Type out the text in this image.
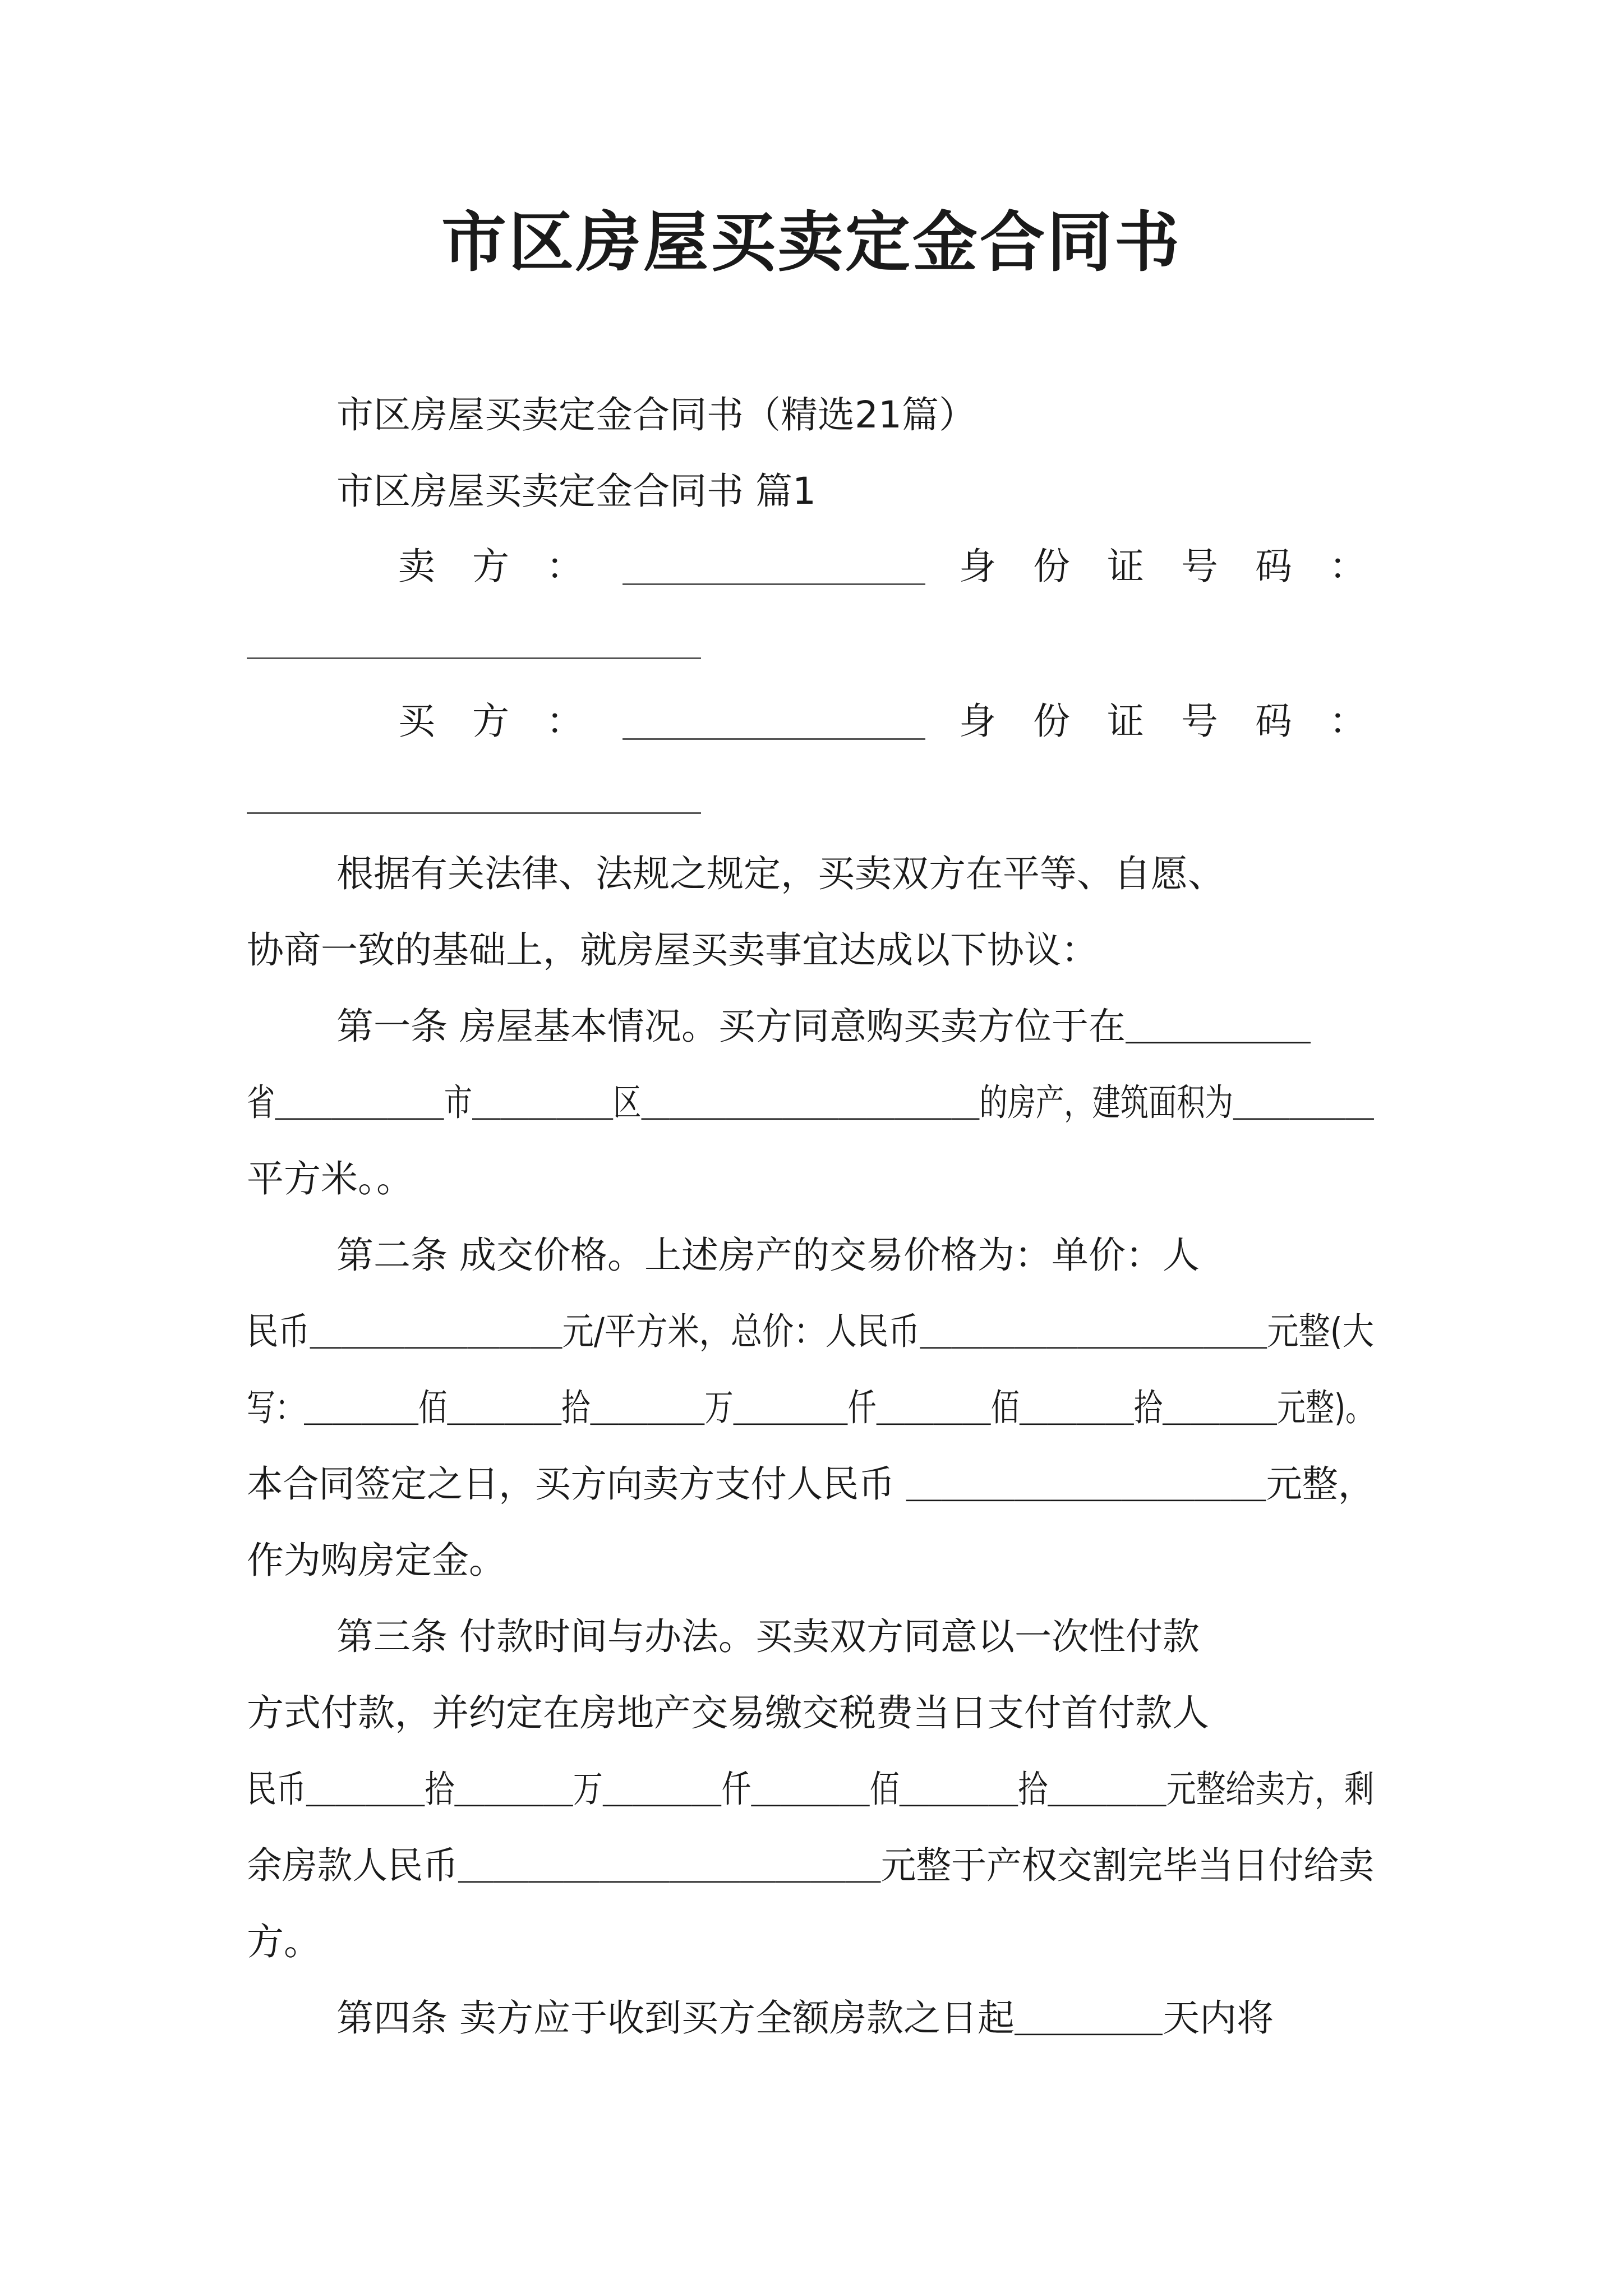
市区房屋买卖定金合同书
市区房屋买卖定金合同书（精选21篇）
市区房屋买卖定金合同书 篇1
卖　方　：	身　份　证　号　码　：
买　方　：	身　份　证　号　码　：
根据有关法律、法规之规定，买卖双方在平等、自愿、
协商一致的基础上，就房屋买卖事宜达成以下协议：
第一条 房屋基本情况。买方同意购买卖方位于在＿＿＿＿＿
省＿＿＿＿＿＿市＿＿＿＿＿区＿＿＿＿＿＿＿＿＿＿＿＿的房产，建筑面积为＿＿＿＿＿
平方米。。
第二条 成交价格。上述房产的交易价格为：单价：人
民币＿＿＿＿＿＿＿＿元/平方米，总价：人民币＿＿＿＿＿＿＿＿＿＿＿元整(大
写：＿＿＿＿佰＿＿＿＿拾＿＿＿＿万＿＿＿＿仟＿＿＿＿佰＿＿＿＿拾＿＿＿＿元整)。
本合同签定之日，买方向卖方支付人民币 ＿＿＿＿＿＿＿＿＿＿元整，
作为购房定金。
第三条 付款时间与办法。买卖双方同意以一次性付款
方式付款，并约定在房地产交易缴交税费当日支付首付款人
民币＿＿＿＿拾＿＿＿＿万＿＿＿＿仟＿＿＿＿佰＿＿＿＿拾＿＿＿＿元整给卖方，剩
余房款人民币＿＿＿＿＿＿＿＿＿＿＿＿元整于产权交割完毕当日付给卖
方。
第四条 卖方应于收到买方全额房款之日起＿＿＿＿天内将
